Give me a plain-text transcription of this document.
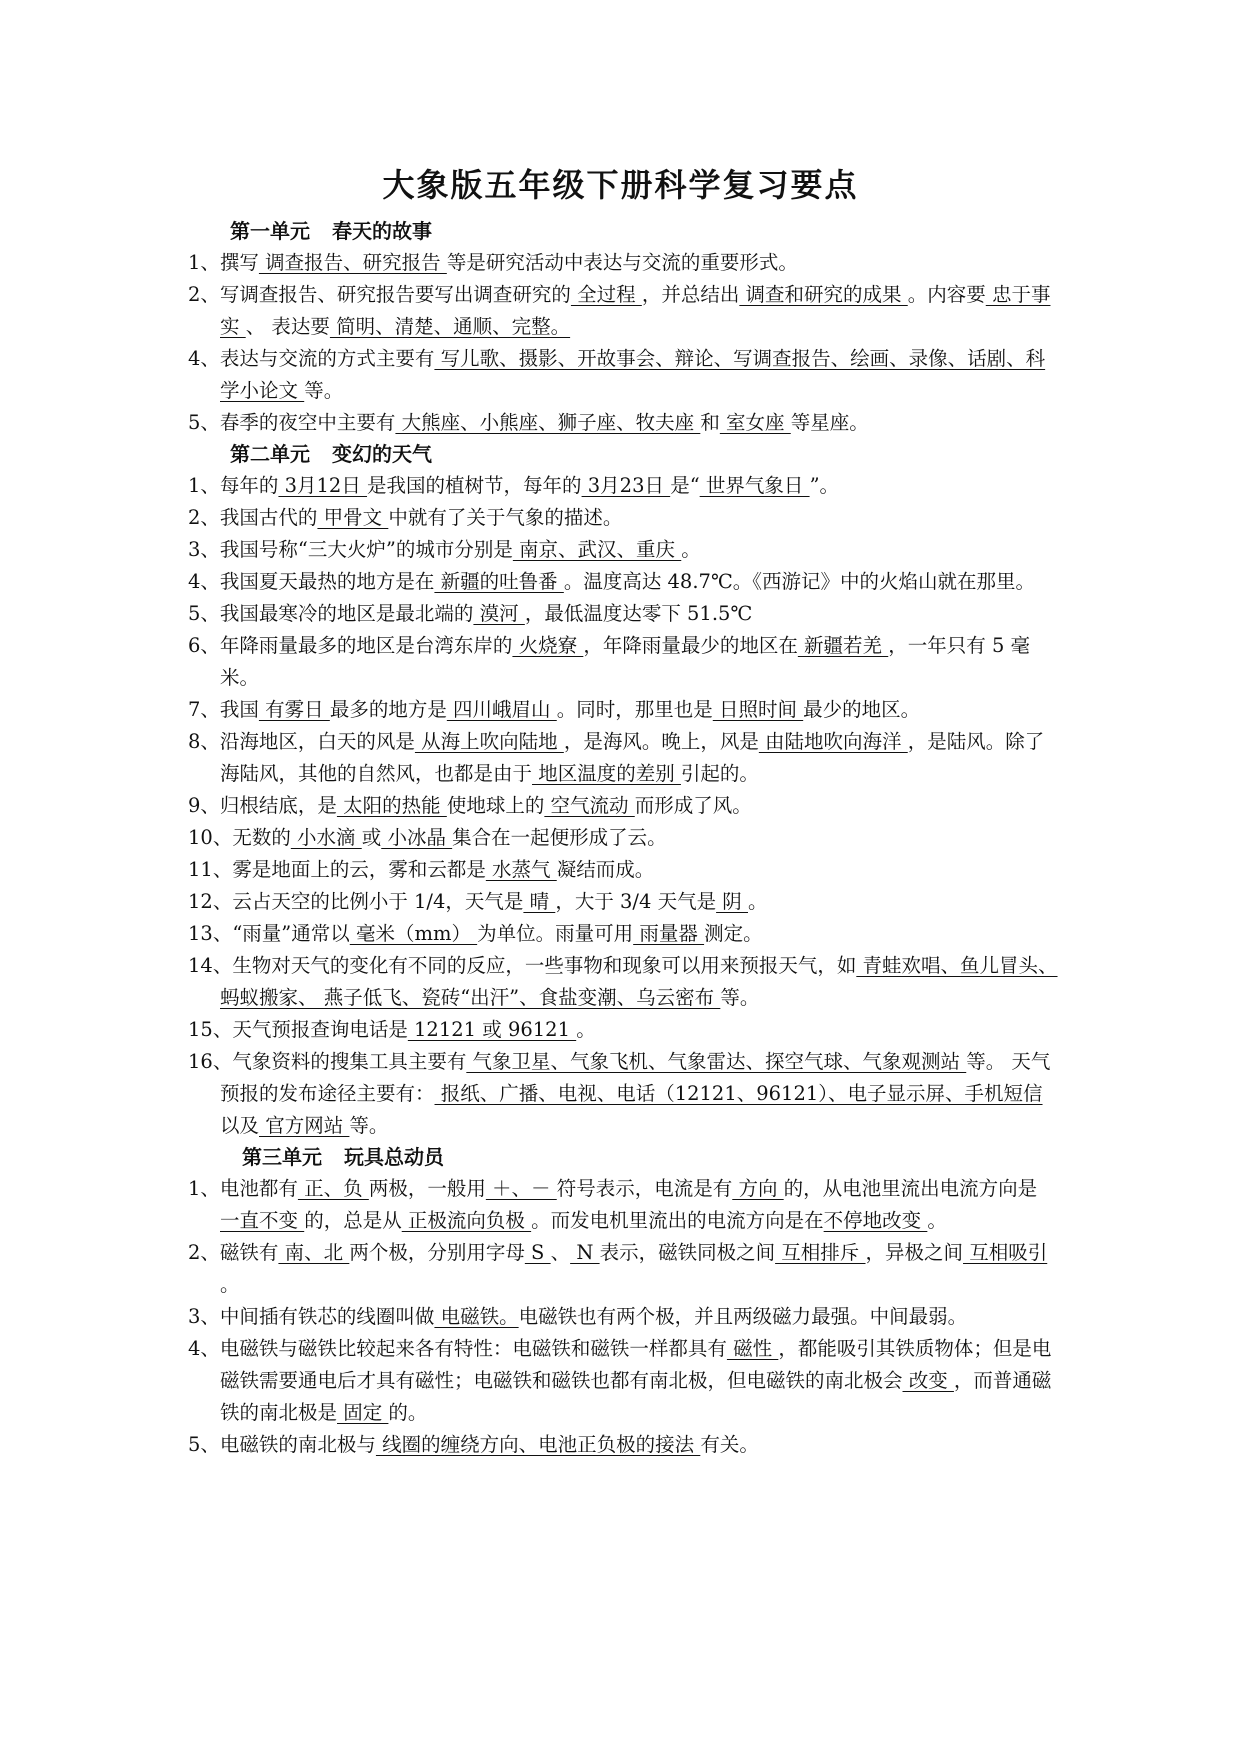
大象版五年级下册科学复习要点
第一单元 春天的故事
1、撰写 调查报告、研究报告 等是研究活动中表达与交流的重要形式。
2、写调查报告、研究报告要写出调查研究的 全过程 ，并总结出 调查和研究的成果 。内容要 忠于事实 、 表达要 简明、清楚、通顺、完整。
4、表达与交流的方式主要有 写儿歌、摄影、开故事会、辩论、写调查报告、绘画、录像、话剧、科学小论文 等。
5、春季的夜空中主要有 大熊座、小熊座、狮子座、牧夫座 和 室女座 等星座。
第二单元 变幻的天气
1、每年的 3月12日 是我国的植树节，每年的 3月23日 是“ 世界气象日 ”。
2、我国古代的 甲骨文 中就有了关于气象的描述。
3、我国号称“三大火炉”的城市分别是 南京、武汉、重庆 。
4、我国夏天最热的地方是在 新疆的吐鲁番 。温度高达 48.7℃。《西游记》中的火焰山就在那里。
5、我国最寒冷的地区是最北端的 漠河 ，最低温度达零下 51.5℃
6、年降雨量最多的地区是台湾东岸的 火烧寮 ，年降雨量最少的地区在 新疆若羌 ，一年只有 5 毫米。
7、我国 有雾日 最多的地方是 四川峨眉山 。同时，那里也是 日照时间 最少的地区。
8、沿海地区，白天的风是 从海上吹向陆地 ，是海风。晚上，风是 由陆地吹向海洋 ，是陆风。除了海陆风，其他的自然风，也都是由于 地区温度的差别 引起的。
9、归根结底，是 太阳的热能 使地球上的 空气流动 而形成了风。
10、无数的 小水滴 或 小冰晶 集合在一起便形成了云。
11、雾是地面上的云，雾和云都是 水蒸气 凝结而成。
12、云占天空的比例小于 1/4，天气是 晴 ，大于 3/4 天气是 阴 。
13、“雨量”通常以 毫米（mm） 为单位。雨量可用 雨量器 测定。
14、生物对天气的变化有不同的反应，一些事物和现象可以用来预报天气，如 青蛙欢唱、鱼儿冒头、蚂蚁搬家、 燕子低飞、瓷砖“出汗”、食盐变潮、乌云密布 等。
15、天气预报查询电话是 12121 或 96121 。
16、气象资料的搜集工具主要有 气象卫星、气象飞机、气象雷达、探空气球、气象观测站 等。 天气预报的发布途径主要有： 报纸、广播、电视、电话（12121、96121）、电子显示屏、手机短信 以及 官方网站 等。
第三单元 玩具总动员
1、电池都有 正、负 两极，一般用 ＋、－ 符号表示，电流是有 方向 的，从电池里流出电流方向是 一直不变 的，总是从 正极流向负极 。而发电机里流出的电流方向是在不停地改变 。
2、磁铁有 南、北 两个极，分别用字母 S 、 N 表示，磁铁同极之间 互相排斥 ，异极之间 互相吸引 。
3、中间插有铁芯的线圈叫做 电磁铁。电磁铁也有两个极，并且两级磁力最强。中间最弱。
4、电磁铁与磁铁比较起来各有特性：电磁铁和磁铁一样都具有 磁性 ，都能吸引其铁质物体；但是电磁铁需要通电后才具有磁性；电磁铁和磁铁也都有南北极，但电磁铁的南北极会 改变 ，而普通磁铁的南北极是 固定 的。
5、电磁铁的南北极与 线圈的缠绕方向、电池正负极的接法 有关。
